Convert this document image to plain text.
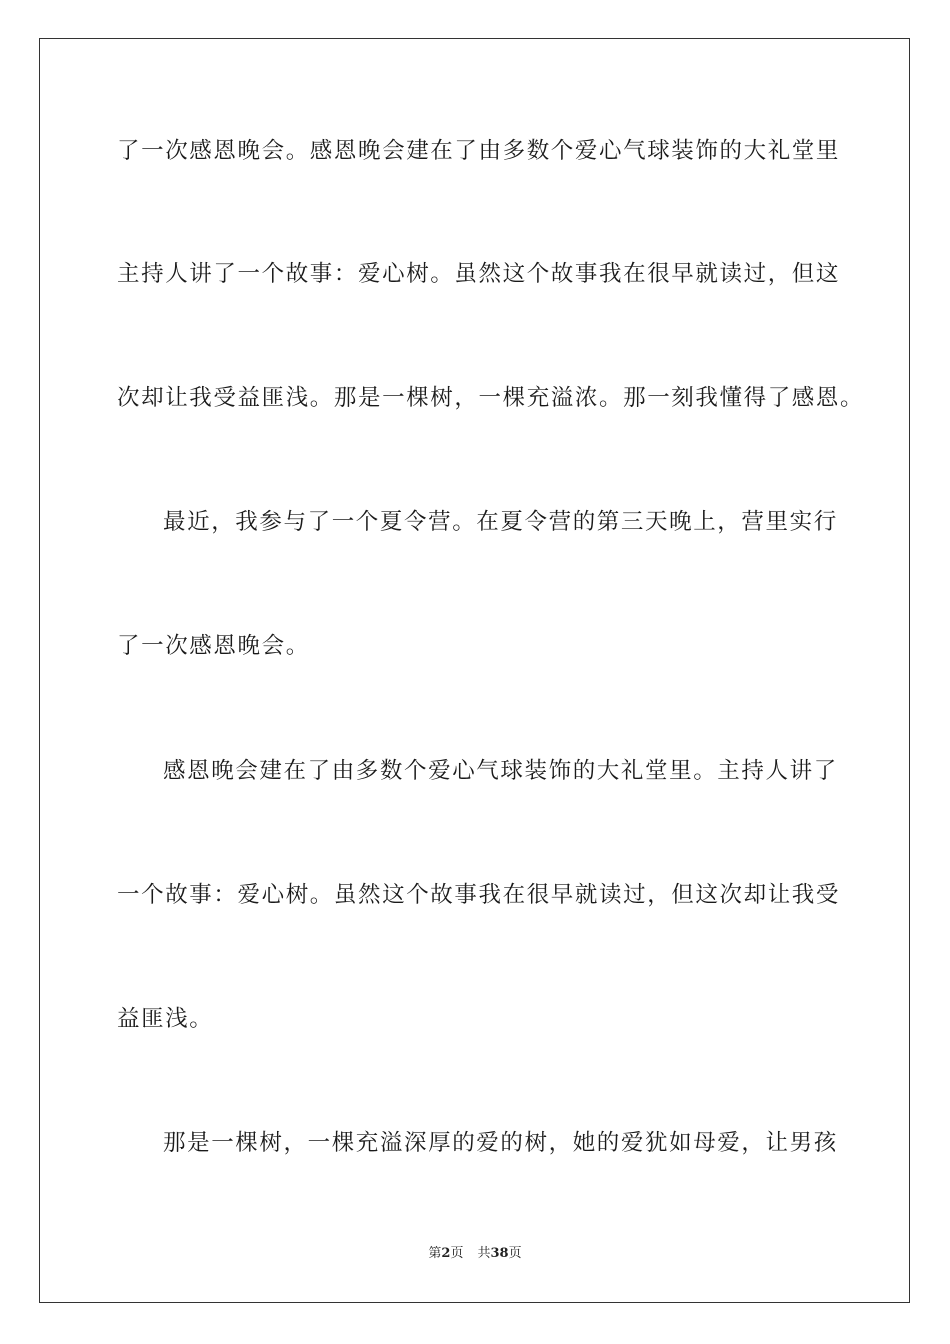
了一次感恩晚会。感恩晚会建在了由多数个爱心气球装饰的大礼堂里
主持人讲了一个故事：爱心树。虽然这个故事我在很早就读过，但这
次却让我受益匪浅。那是一棵树，一棵充溢浓。那一刻我懂得了感恩。
最近，我参与了一个夏令营。在夏令营的第三天晚上，营里实行
了一次感恩晚会。
感恩晚会建在了由多数个爱心气球装饰的大礼堂里。主持人讲了
一个故事：爱心树。虽然这个故事我在很早就读过，但这次却让我受
益匪浅。
那是一棵树，一棵充溢深厚的爱的树，她的爱犹如母爱，让男孩
第2页 共38页
